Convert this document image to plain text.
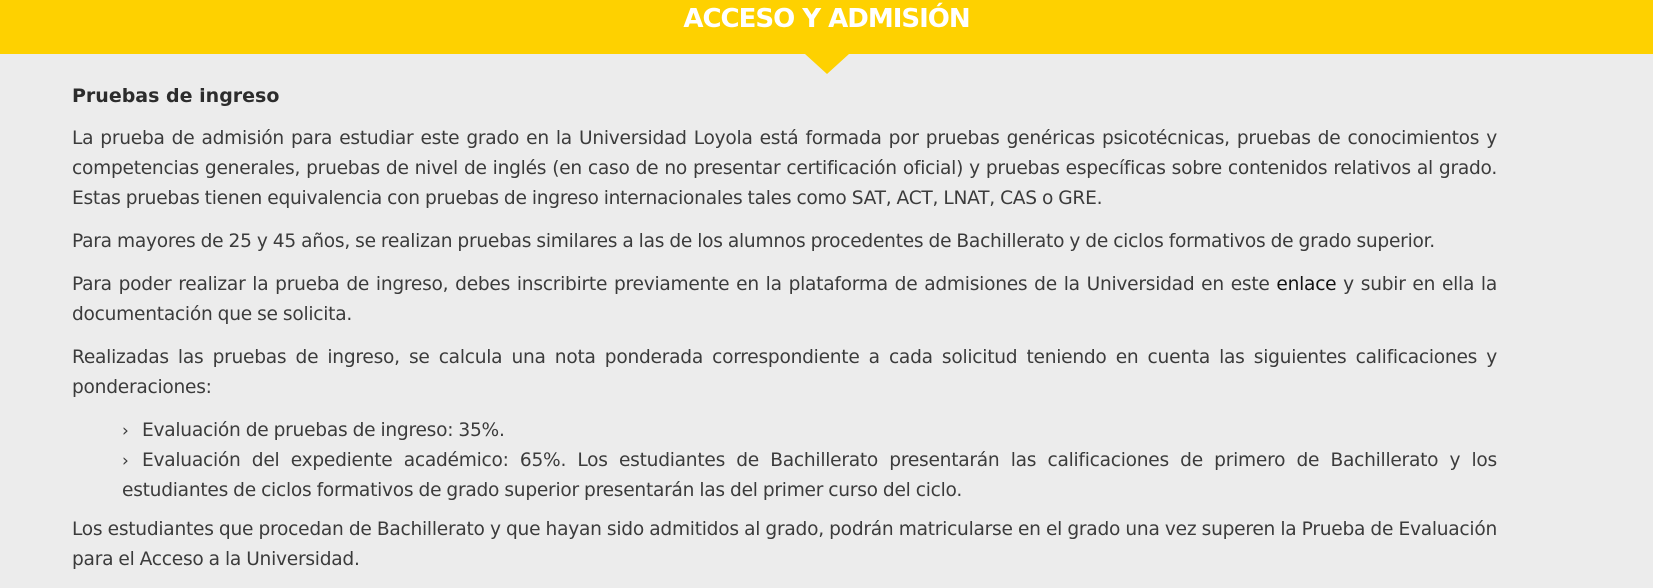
ACCESO Y ADMISIÓN
Pruebas de ingreso

La prueba de admisión para estudiar este grado en la Universidad Loyola está formada por pruebas genéricas psicotécnicas, pruebas de conocimientos y competencias generales, pruebas de nivel de inglés (en caso de no presentar certificación oficial) y pruebas específicas sobre contenidos relativos al grado. Estas pruebas tienen equivalencia con pruebas de ingreso internacionales tales como SAT, ACT, LNAT, CAS o GRE.

Para mayores de 25 y 45 años, se realizan pruebas similares a las de los alumnos procedentes de Bachillerato y de ciclos formativos de grado superior.

Para poder realizar la prueba de ingreso, debes inscribirte previamente en la plataforma de admisiones de la Universidad en este enlace y subir en ella la documentación que se solicita.

Realizadas las pruebas de ingreso, se calcula una nota ponderada correspondiente a cada solicitud teniendo en cuenta las siguientes calificaciones y ponderaciones:

› Evaluación de pruebas de ingreso: 35%.
› Evaluación del expediente académico: 65%. Los estudiantes de Bachillerato presentarán las calificaciones de primero de Bachillerato y los estudiantes de ciclos formativos de grado superior presentarán las del primer curso del ciclo.

Los estudiantes que procedan de Bachillerato y que hayan sido admitidos al grado, podrán matricularse en el grado una vez superen la Prueba de Evaluación para el Acceso a la Universidad.
